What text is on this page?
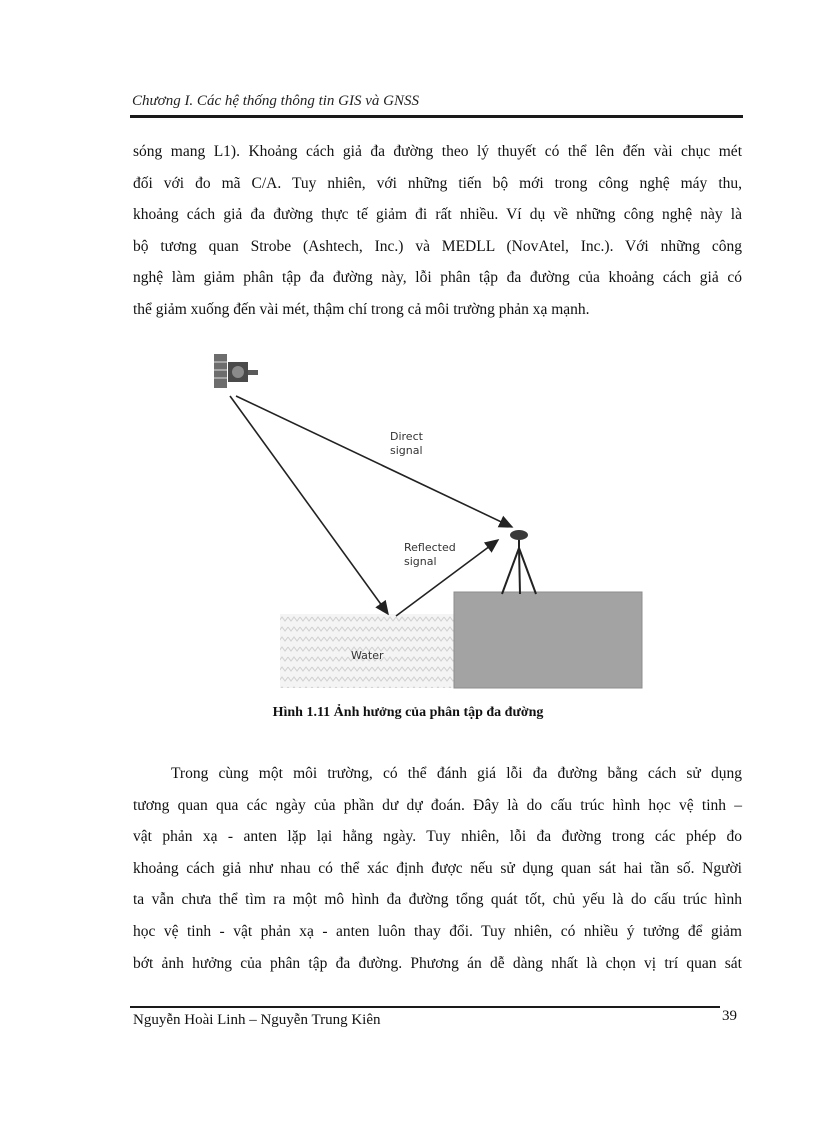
Chương I. Các hệ thống thông tin GIS và GNSS
sóng mang L1). Khoảng cách giả đa đường theo lý thuyết có thể lên đến vài chục mét
đối với đo mã C/A. Tuy nhiên, với những tiến bộ mới trong công nghệ máy thu,
khoảng cách giả đa đường thực tế giảm đi rất nhiều. Ví dụ về những công nghệ này là
bộ tương quan Strobe (Ashtech, Inc.) và MEDLL (NovAtel, Inc.). Với những công
nghệ làm giảm phân tập đa đường này, lỗi phân tập đa đường của khoảng cách giả có
thể giảm xuống đến vài mét, thậm chí trong cả môi trường phản xạ mạnh.
Direct
signal
Reflected
signal
Water
Hình 1.11 Ảnh hưởng của phân tập đa đường
Trong cùng một môi trường, có thể đánh giá lỗi đa đường bằng cách sử dụng
tương quan qua các ngày của phần dư dự đoán. Đây là do cấu trúc hình học vệ tinh –
vật phản xạ - anten lặp lại hằng ngày. Tuy nhiên, lỗi đa đường trong các phép đo
khoảng cách giả như nhau có thể xác định được nếu sử dụng quan sát hai tần số. Người
ta vẫn chưa thể tìm ra một mô hình đa đường tổng quát tốt, chủ yếu là do cấu trúc hình
học vệ tinh - vật phản xạ - anten luôn thay đổi. Tuy nhiên, có nhiều ý tưởng để giảm
bớt ảnh hưởng của phân tập đa đường. Phương án dễ dàng nhất là chọn vị trí quan sát
Nguyễn Hoài Linh – Nguyễn Trung Kiên	39
